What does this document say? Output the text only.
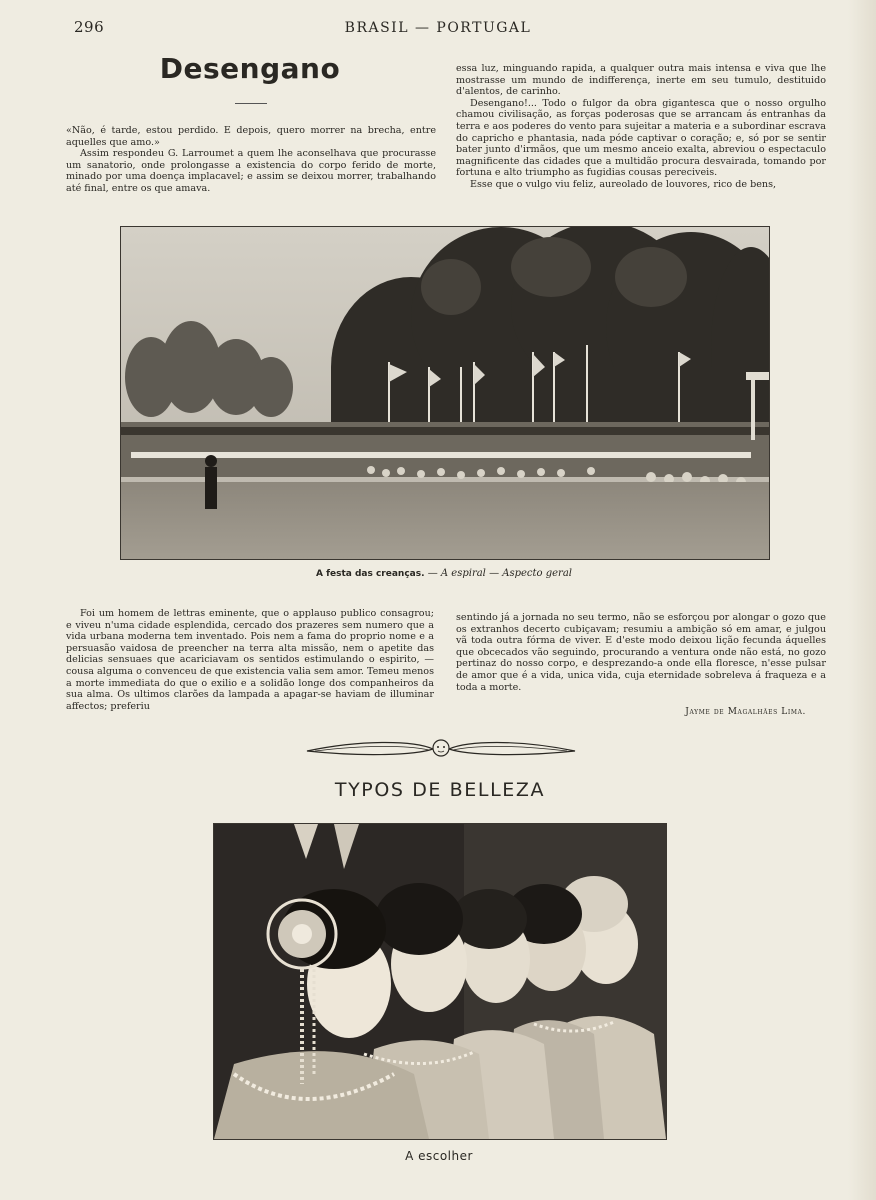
296	BRASIL — PORTUGAL
Desengano

«Não, é tarde, estou perdido. E depois, quero morrer na brecha, entre aquelles que amo.»

Assim respondeu G. Larroumet a quem lhe aconselhava que procurasse um sanatorio, onde prolongasse a existencia do corpo ferido de morte, minado por uma doença implacavel; e assim se deixou morrer, trabalhando até final, entre os que amava.

essa luz, minguando rapida, a qualquer outra mais intensa e viva que lhe mostrasse um mundo de indifferença, inerte em seu tumulo, destituido d'alentos, de carinho.

Desengano!... Todo o fulgor da obra gigantesca que o nosso orgulho chamou civilisação, as forças poderosas que se arrancam ás entranhas da terra e aos poderes do vento para sujeitar a materia e a subordinar escrava do capricho e phantasia, nada póde captivar o coração; e, só por se sentir bater junto d'irmãos, que um mesmo anceio exalta, abreviou o espectaculo magnificente das cidades que a multidão procura desvairada, tomando por fortuna e alto triumpho as fugidias cousas pereciveis.

Esse que o vulgo viu feliz, aureolado de louvores, rico de bens,

A festa das creanças. — A espiral — Aspecto geral

Foi um homem de lettras eminente, que o applauso publico consagrou; e viveu n'uma cidade esplendida, cercado dos prazeres sem numero que a vida urbana moderna tem inventado. Pois nem a fama do proprio nome e a persuasão vaidosa de preencher na terra alta missão, nem o apetite das delicias sensuaes que acariciavam os sentidos estimulando o espirito, — cousa alguma o convenceu de que existencia valia sem amor. Temeu menos a morte immediata do que o exilio e a solidão longe dos companheiros da sua alma. Os ultimos clarões da lampada a apagar-se haviam de illuminar affectos; preferiu

sentindo já a jornada no seu termo, não se esforçou por alongar o gozo que os extranhos decerto cubiçavam; resumiu a ambição só em amar, e julgou vã toda outra fórma de viver. E d'este modo deixou lição fecunda áquelles que obcecados vão seguindo, procurando a ventura onde não está, no gozo pertinaz do nosso corpo, e desprezando-a onde ella floresce, n'esse pulsar de amor que é a vida, unica vida, cuja eternidade sobreleva á fraqueza e a toda a morte.

Jayme de Magalhães Lima.
TYPOS DE BELLEZA
A escolher
